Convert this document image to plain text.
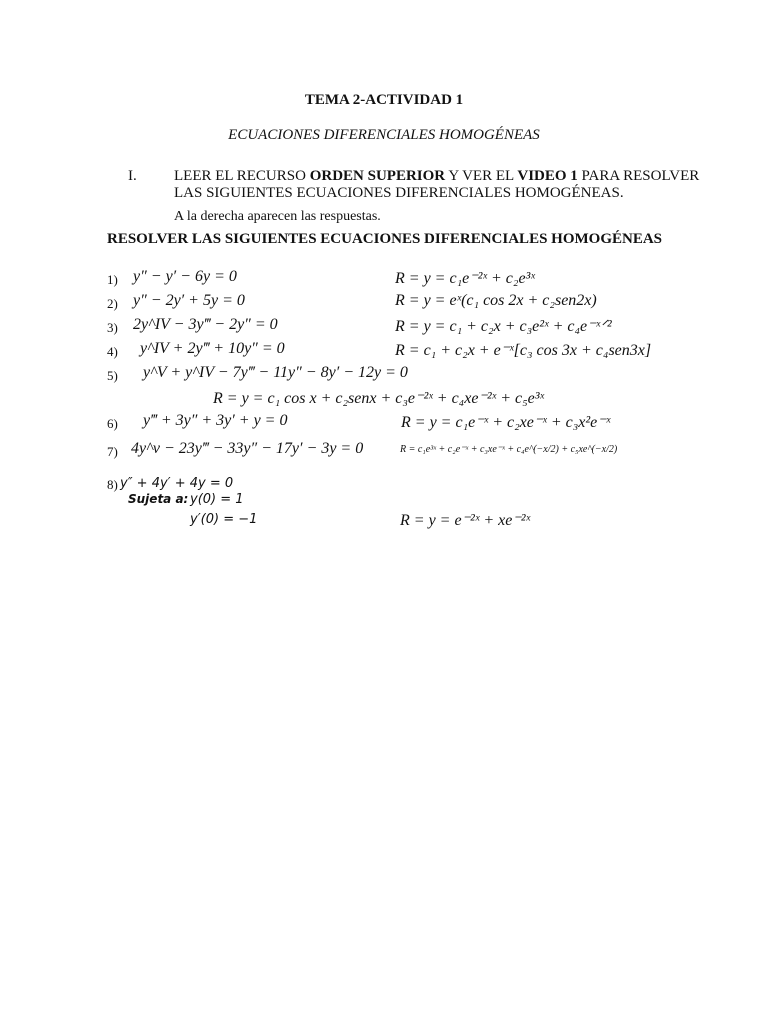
TEMA 2-ACTIVIDAD 1
ECUACIONES DIFERENCIALES HOMOGÉNEAS
I. LEER EL RECURSO ORDEN SUPERIOR Y VER EL VIDEO 1 PARA RESOLVER
LAS SIGUIENTES ECUACIONES DIFERENCIALES HOMOGÉNEAS.
A la derecha aparecen las respuestas.
RESOLVER LAS SIGUIENTES ECUACIONES DIFERENCIALES HOMOGÉNEAS
1) y″ − y′ − 6y = 0	R = y = c₁e⁻²ˣ + c₂e³ˣ
2) y″ − 2y′ + 5y = 0	R = y = eˣ(c₁ cos 2x + c₂sen2x)
3) 2y^IV − 3y‴ − 2y″ = 0	R = y = c₁ + c₂x + c₃e²ˣ + c₄e⁻ˣᐟ²
4) y^IV + 2y‴ + 10y″ = 0	R = c₁ + c₂x + e⁻ˣ[c₃ cos 3x + c₄sen3x]
5) y^V + y^IV − 7y‴ − 11y″ − 8y′ − 12y = 0
R = y = c₁ cos x + c₂senx + c₃e⁻²ˣ + c₄xe⁻²ˣ + c₅e³ˣ
6) y‴ + 3y″ + 3y′ + y = 0	R = y = c₁e⁻ˣ + c₂xe⁻ˣ + c₃x²e⁻ˣ
7) 4y^v − 23y‴ − 33y″ − 17y′ − 3y = 0	R = c₁e³ˣ + c₂e⁻ˣ + c₃xe⁻ˣ + c₄e^(−x/2) + c₅xe^(−x/2)
8) y″ + 4y′ + 4y = 0
Sujeta a: y(0) = 1
y′(0) = −1	R = y = e⁻²ˣ + xe⁻²ˣ
